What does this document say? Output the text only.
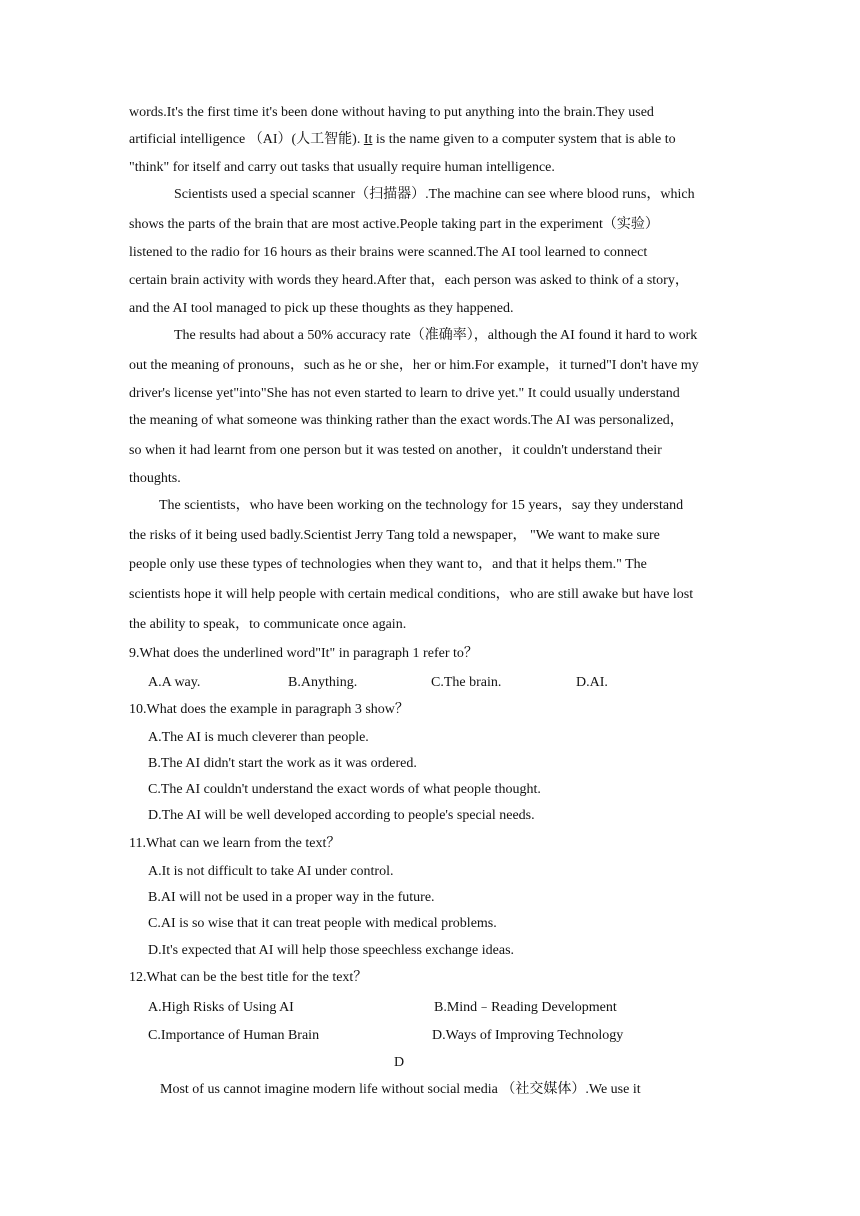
words.It's the first time it's been done without having to put anything into the brain.They used
artificial intelligence （AI）(人工智能). It is the name given to a computer system that is able to
"think" for itself and carry out tasks that usually require human intelligence.
Scientists used a special scanner（扫描器）.The machine can see where blood runs，which
shows the parts of the brain that are most active.People taking part in the experiment（实验）
listened to the radio for 16 hours as their brains were scanned.The AI tool learned to connect
certain brain activity with words they heard.After that，each person was asked to think of a story，
and the AI tool managed to pick up these thoughts as they happened.
The results had about a 50% accuracy rate（准确率），although the AI found it hard to work
out the meaning of pronouns，such as he or she，her or him.For example，it turned"I don't have my
driver's license yet"into"She has not even started to learn to drive yet." It could usually understand
the meaning of what someone was thinking rather than the exact words.The AI was personalized，
so when it had learnt from one person but it was tested on another，it couldn't understand their
thoughts.
The scientists，who have been working on the technology for 15 years，say they understand
the risks of it being used badly.Scientist Jerry Tang told a newspaper， "We want to make sure
people only use these types of technologies when they want to，and that it helps them." The
scientists hope it will help people with certain medical conditions，who are still awake but have lost
the ability to speak，to communicate once again.
9.What does the underlined word"It" in paragraph 1 refer to？
A.A way.	B.Anything.	C.The brain.	D.AI.
10.What does the example in paragraph 3 show？
A.The AI is much cleverer than people.
B.The AI didn't start the work as it was ordered.
C.The AI couldn't understand the exact words of what people thought.
D.The AI will be well developed according to people's special needs.
11.What can we learn from the text？
A.It is not difficult to take AI under control.
B.AI will not be used in a proper way in the future.
C.AI is so wise that it can treat people with medical problems.
D.It's expected that AI will help those speechless exchange ideas.
12.What can be the best title for the text？
A.High Risks of Using AI	B.Mind﹣Reading Development
C.Importance of Human Brain	D.Ways of Improving Technology
D
Most of us cannot imagine modern life without social media （社交媒体）.We use it
